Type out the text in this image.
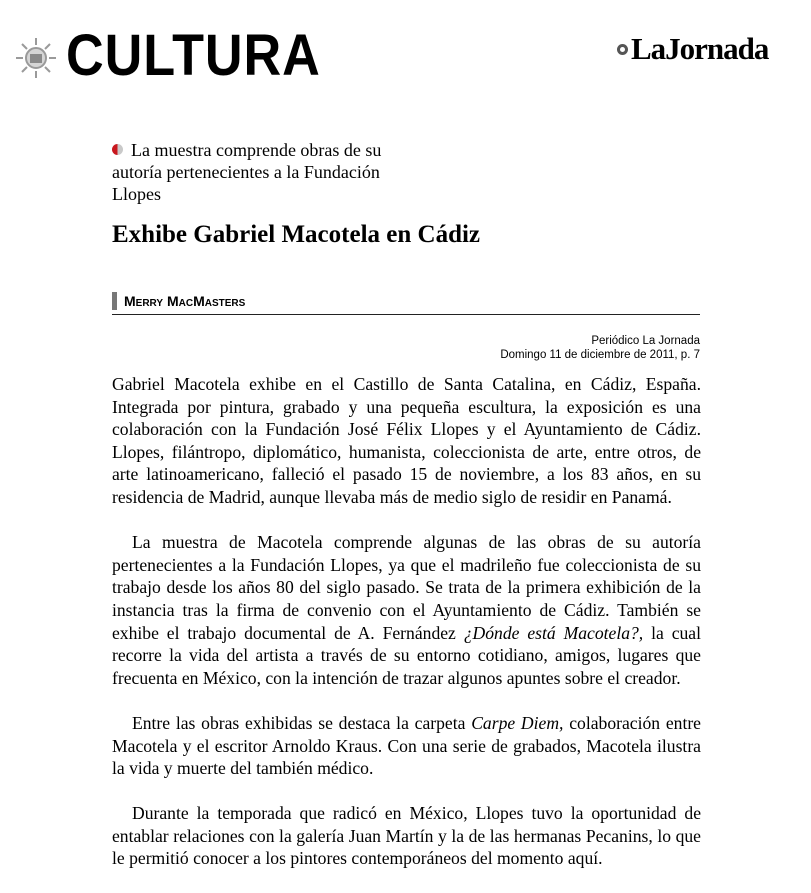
CULTURA	LaJornada
La muestra comprende obras de su autoría pertenecientes a la Fundación Llopes
Exhibe Gabriel Macotela en Cádiz
Merry MacMasters
Periódico La Jornada
Domingo 11 de diciembre de 2011, p. 7

Gabriel Macotela exhibe en el Castillo de Santa Catalina, en Cádiz, España. Integrada por pintura, grabado y una pequeña escultura, la exposición es una colaboración con la Fundación José Félix Llopes y el Ayuntamiento de Cádiz. Llopes, filántropo, diplomático, humanista, coleccionista de arte, entre otros, de arte latinoamericano, falleció el pasado 15 de noviembre, a los 83 años, en su residencia de Madrid, aunque llevaba más de medio siglo de residir en Panamá.

La muestra de Macotela comprende algunas de las obras de su autoría pertenecientes a la Fundación Llopes, ya que el madrileño fue coleccionista de su trabajo desde los años 80 del siglo pasado. Se trata de la primera exhibición de la instancia tras la firma de convenio con el Ayuntamiento de Cádiz. También se exhibe el trabajo documental de A. Fernández ¿Dónde está Macotela?, la cual recorre la vida del artista a través de su entorno cotidiano, amigos, lugares que frecuenta en México, con la intención de trazar algunos apuntes sobre el creador.

Entre las obras exhibidas se destaca la carpeta Carpe Diem, colaboración entre Macotela y el escritor Arnoldo Kraus. Con una serie de grabados, Macotela ilustra la vida y muerte del también médico.

Durante la temporada que radicó en México, Llopes tuvo la oportunidad de entablar relaciones con la galería Juan Martín y la de las hermanas Pecanins, lo que le permitió conocer a los pintores contemporáneos del momento aquí.
